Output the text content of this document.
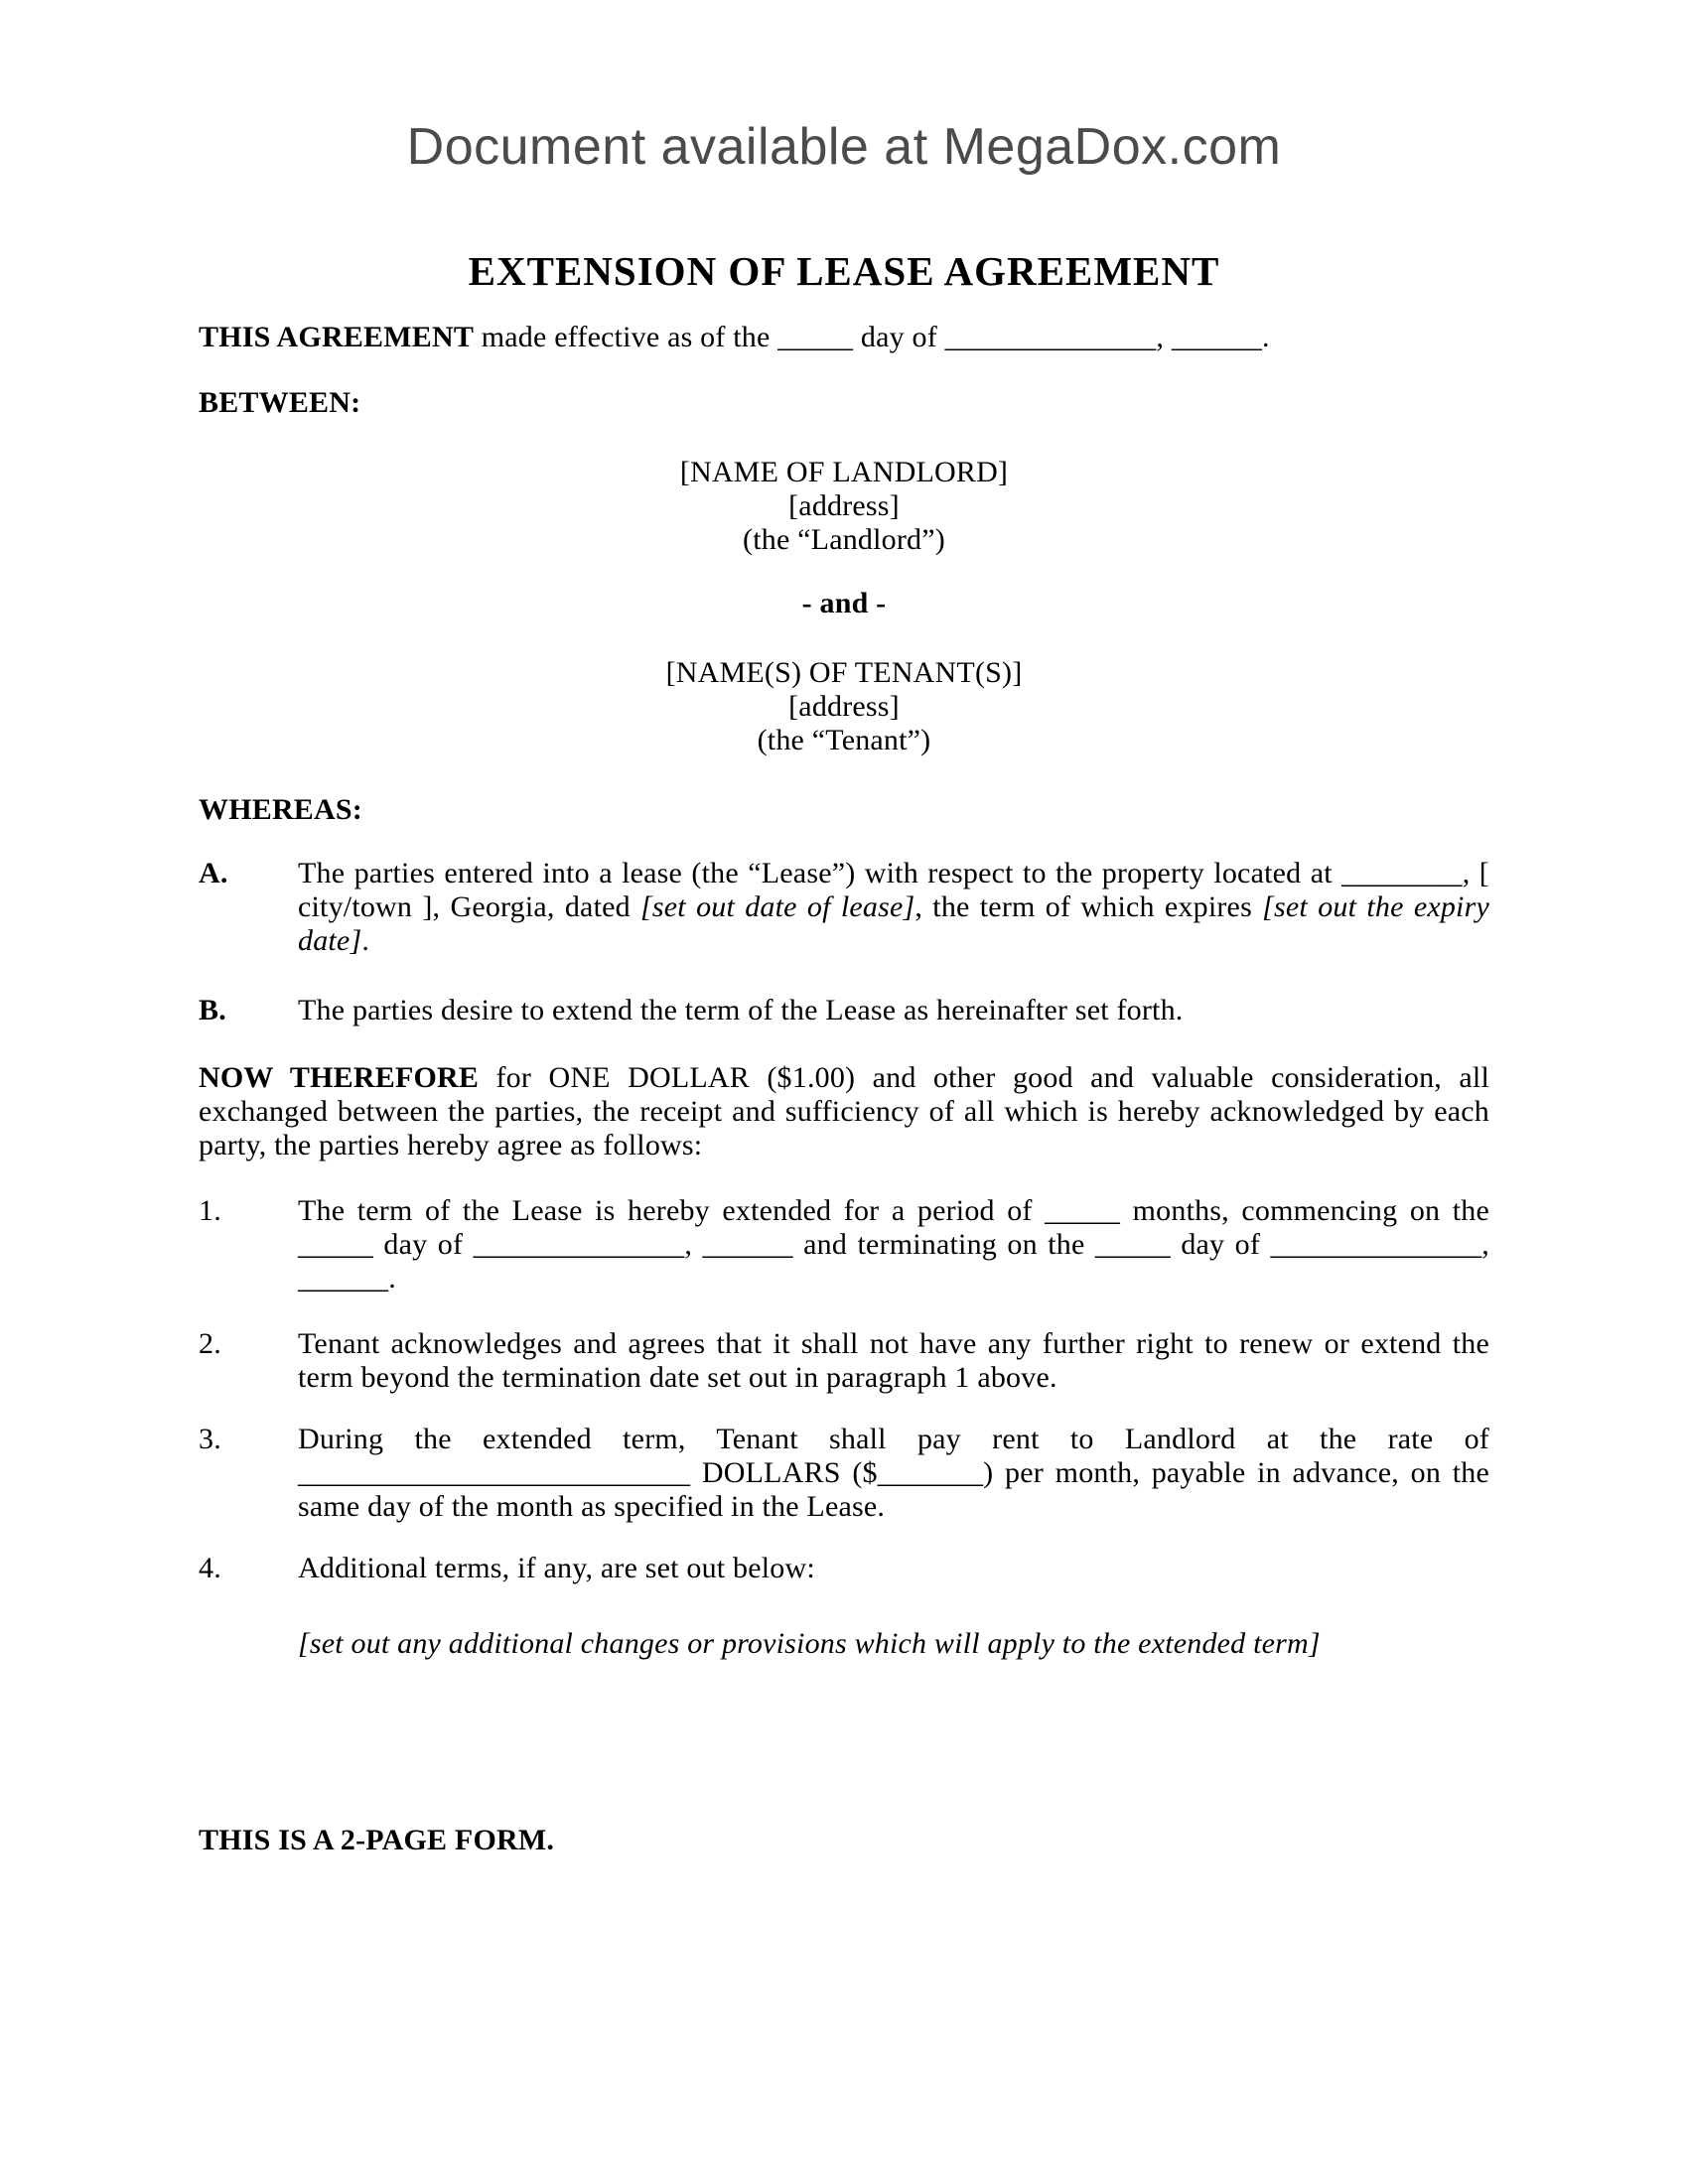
Document available at MegaDox.com
EXTENSION OF LEASE AGREEMENT

THIS AGREEMENT made effective as of the _____ day of ______________, ______.

BETWEEN:

[NAME OF LANDLORD]
[address]
(the “Landlord”)
- and -
[NAME(S) OF TENANT(S)]
[address]
(the “Tenant”)

WHEREAS:

A.	The parties entered into a lease (the “Lease”) with respect to the property located at ________, [ city/town ], Georgia, dated [set out date of lease], the term of which expires [set out the expiry date].
B.	The parties desire to extend the term of the Lease as hereinafter set forth.

NOW THEREFORE for ONE DOLLAR ($1.00) and other good and valuable consideration, all exchanged between the parties, the receipt and sufficiency of all which is hereby acknowledged by each party, the parties hereby agree as follows:

1.	The term of the Lease is hereby extended for a period of _____ months, commencing on the _____ day of ______________, ______ and terminating on the _____ day of ______________, ______.
2.	Tenant acknowledges and agrees that it shall not have any further right to renew or extend the term beyond the termination date set out in paragraph 1 above.
3.	During the extended term, Tenant shall pay rent to Landlord at the rate of __________________________ DOLLARS ($_______) per month, payable in advance, on the same day of the month as specified in the Lease.
4.	Additional terms, if any, are set out below:
[set out any additional changes or provisions which will apply to the extended term]

THIS IS A 2-PAGE FORM.
